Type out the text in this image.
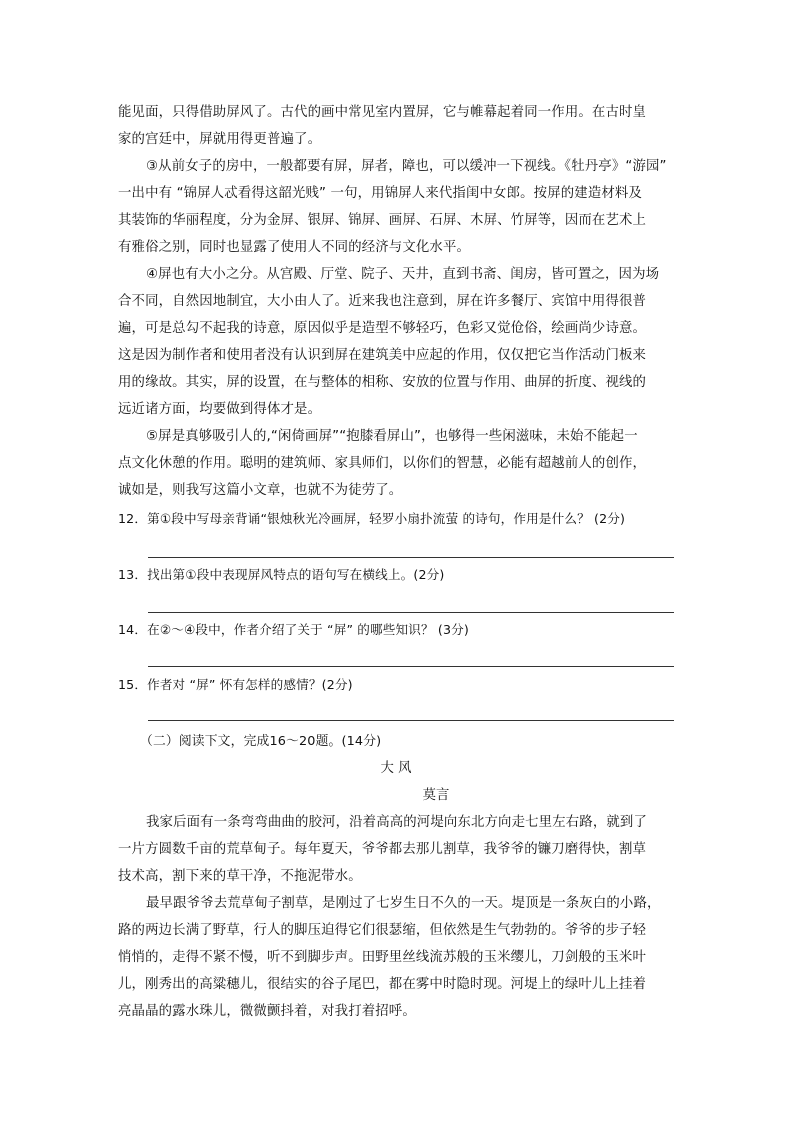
能见面，只得借助屏风了。古代的画中常见室内置屏，它与帷幕起着同一作用。在古时皇
家的宫廷中，屏就用得更普遍了。
③从前女子的房中，一般都要有屏，屏者，障也，可以缓冲一下视线。《牡丹亭》“游园”
一出中有 “锦屏人忒看得这韶光贱” 一句，用锦屏人来代指闺中女郎。按屏的建造材料及
其装饰的华丽程度，分为金屏、银屏、锦屏、画屏、石屏、木屏、竹屏等，因而在艺术上
有雅俗之别，同时也显露了使用人不同的经济与文化水平。
④屏也有大小之分。从宫殿、厅堂、院子、天井，直到书斋、闺房，皆可置之，因为场
合不同，自然因地制宜，大小由人了。近来我也注意到，屏在许多餐厅、宾馆中用得很普
遍，可是总勾不起我的诗意，原因似乎是造型不够轻巧，色彩又觉伧俗，绘画尚少诗意。
这是因为制作者和使用者没有认识到屏在建筑美中应起的作用，仅仅把它当作活动门板来
用的缘故。其实，屏的设置，在与整体的相称、安放的位置与作用、曲屏的折度、视线的
远近诸方面，均要做到得体才是。
⑤屏是真够吸引人的,“闲倚画屏”“抱膝看屏山”，也够得一些闲滋味，未始不能起一
点文化休憩的作用。聪明的建筑师、家具师们，以你们的智慧，必能有超越前人的创作，
诚如是，则我写这篇小文章，也就不为徒劳了。
12．第①段中写母亲背诵“银烛秋光冷画屏，轻罗小扇扑流萤 的诗句，作用是什么？ (2分)
13．找出第①段中表现屏风特点的语句写在横线上。(2分)
14．在②～④段中，作者介绍了关于 “屏” 的哪些知识？ (3分)
15．作者对 “屏” 怀有怎样的感情？(2分)
（二）阅读下文，完成16～20题。(14分)
大 风
莫言
我家后面有一条弯弯曲曲的胶河，沿着高高的河堤向东北方向走七里左右路，就到了
一片方圆数千亩的荒草甸子。每年夏天，爷爷都去那儿割草，我爷爷的镰刀磨得快，割草
技术高，割下来的草干净，不拖泥带水。
最早跟爷爷去荒草甸子割草，是刚过了七岁生日不久的一天。堤顶是一条灰白的小路，
路的两边长满了野草，行人的脚压迫得它们很瑟缩，但依然是生气勃勃的。爷爷的步子轻
悄悄的，走得不紧不慢，听不到脚步声。田野里丝线流苏般的玉米缨儿，刀剑般的玉米叶
儿，刚秀出的高粱穗儿，很结实的谷子尾巴，都在雾中时隐时现。河堤上的绿叶儿上挂着
亮晶晶的露水珠儿，微微颤抖着，对我打着招呼。
